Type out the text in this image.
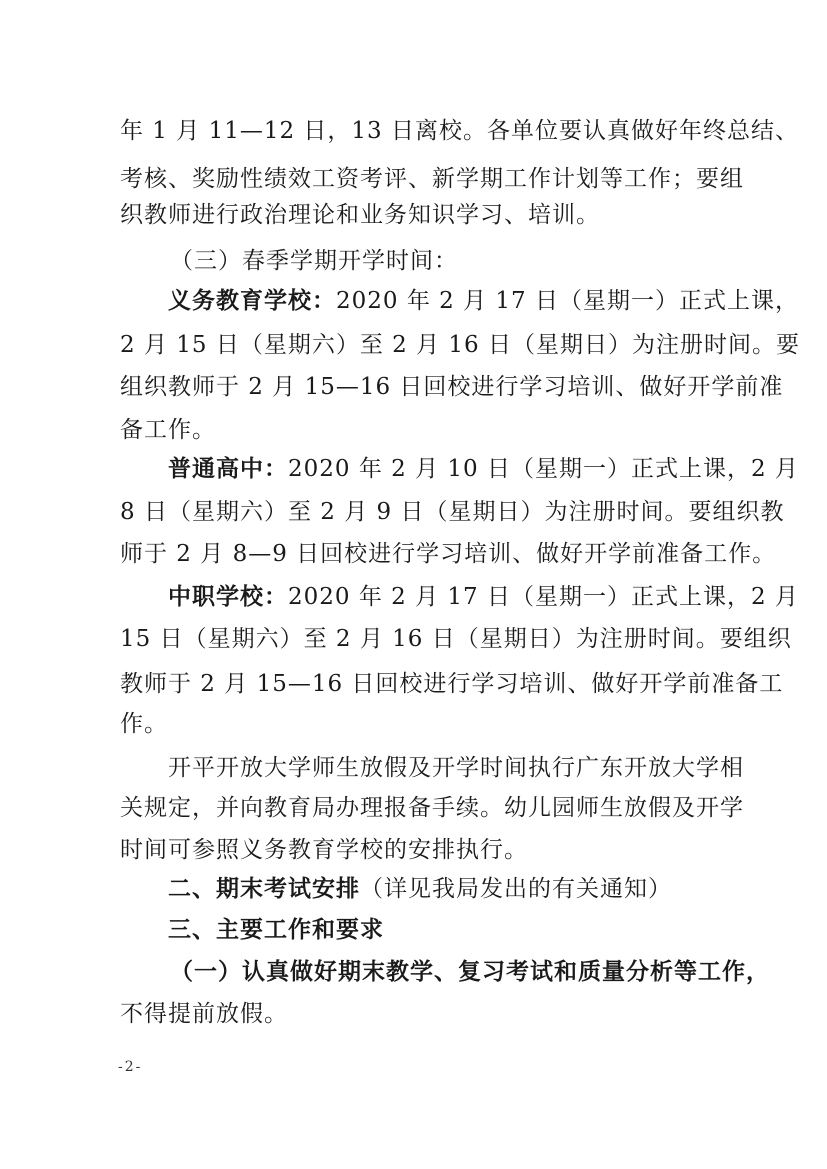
年 1 月 11—12 日，13 日离校。各单位要认真做好年终总结、
考核、奖励性绩效工资考评、新学期工作计划等工作；要组
织教师进行政治理论和业务知识学习、培训。
（三）春季学期开学时间：
义务教育学校：2020 年 2 月 17 日（星期一）正式上课，
2 月 15 日（星期六）至 2 月 16 日（星期日）为注册时间。要
组织教师于 2 月 15—16 日回校进行学习培训、做好开学前准
备工作。
普通高中：2020 年 2 月 10 日（星期一）正式上课，2 月
8 日（星期六）至 2 月 9 日（星期日）为注册时间。要组织教
师于 2 月 8—9 日回校进行学习培训、做好开学前准备工作。
中职学校：2020 年 2 月 17 日（星期一）正式上课，2 月
15 日（星期六）至 2 月 16 日（星期日）为注册时间。要组织
教师于 2 月 15—16 日回校进行学习培训、做好开学前准备工
作。
开平开放大学师生放假及开学时间执行广东开放大学相
关规定，并向教育局办理报备手续。幼儿园师生放假及开学
时间可参照义务教育学校的安排执行。
二、期末考试安排（详见我局发出的有关通知）
三、主要工作和要求
（一）认真做好期末教学、复习考试和质量分析等工作，
不得提前放假。
-2-
